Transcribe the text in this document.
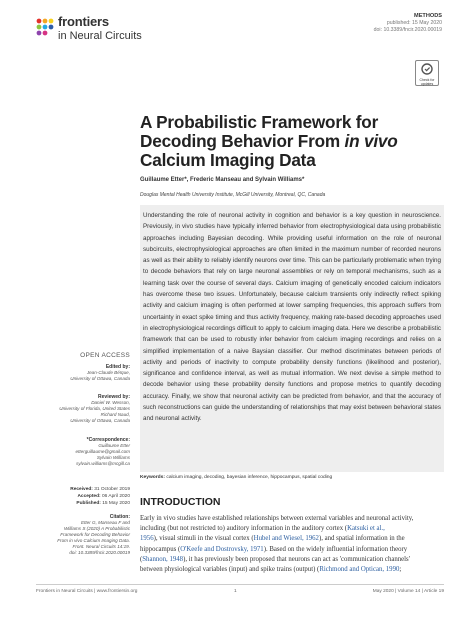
frontiers
in Neural Circuits
METHODS
published: 15 May 2020
doi: 10.3389/fncir.2020.00019
Check for updates
A Probabilistic Framework for
Decoding Behavior From in vivo
Calcium Imaging Data
Guillaume Etter*, Frederic Manseau and Sylvain Williams*
Douglas Mental Health University Institute, McGill University, Montreal, QC, Canada
Understanding the role of neuronal activity in cognition and behavior is a key question in neuroscience. Previously, in vivo studies have typically inferred behavior from electrophysiological data using probabilistic approaches including Bayesian decoding. While providing useful information on the role of neuronal subcircuits, electrophysiological approaches are often limited in the maximum number of recorded neurons as well as their ability to reliably identify neurons over time. This can be particularly problematic when trying to decode behaviors that rely on large neuronal assemblies or rely on temporal mechanisms, such as a learning task over the course of several days. Calcium imaging of genetically encoded calcium indicators has overcome these two issues. Unfortunately, because calcium transients only indirectly reflect spiking activity and calcium imaging is often performed at lower sampling frequencies, this approach suffers from uncertainty in exact spike timing and thus activity frequency, making rate-based decoding approaches used in electrophysiological recordings difficult to apply to calcium imaging data. Here we describe a probabilistic framework that can be used to robustly infer behavior from calcium imaging recordings and relies on a simplified implementation of a naive Baysian classifier. Our method discriminates between periods of activity and periods of inactivity to compute probability density functions (likelihood and posterior), significance and confidence interval, as well as mutual information. We next devise a simple method to decode behavior using these probability density functions and propose metrics to quantify decoding accuracy. Finally, we show that neuronal activity can be predicted from behavior, and that the accuracy of such reconstructions can guide the understanding of relationships that may exist between behavioral states and neuronal activity.
Keywords: calcium imaging, decoding, bayesian inference, hippocampus, spatial coding
OPEN ACCESS
Edited by:
Jean-Claude Béïque,
University of Ottawa, Canada
Reviewed by:
Daniel W. Wesson,
University of Florida, United States
Richard Naud,
University of Ottawa, Canada
*Correspondence:
Guillaume Etter
etterguillaume@gmail.com
Sylvain Williams
sylvain.williams@mcgill.ca
Received: 31 October 2019
Accepted: 06 April 2020
Published: 15 May 2020
Citation:
Etter G, Manseau F and
Williams S (2020) A Probabilistic
Framework for Decoding Behavior
From in vivo Calcium Imaging Data.
Front. Neural Circuits 14:19.
doi: 10.3389/fncir.2020.00019
INTRODUCTION
Early in vivo studies have established relationships between external variables and neuronal activity,
including (but not restricted to) auditory information in the auditory cortex (Katsuki et al.,
1956), visual stimuli in the visual cortex (Hubel and Wiesel, 1962), and spatial information in the
hippocampus (O'Keefe and Dostrovsky, 1971). Based on the widely influential information theory
(Shannon, 1948), it has previously been proposed that neurons can act as 'communication channels'
between physiological variables (input) and spike trains (output) (Richmond and Optican, 1990;
Frontiers in Neural Circuits | www.frontiersin.org	1	May 2020 | Volume 14 | Article 19
